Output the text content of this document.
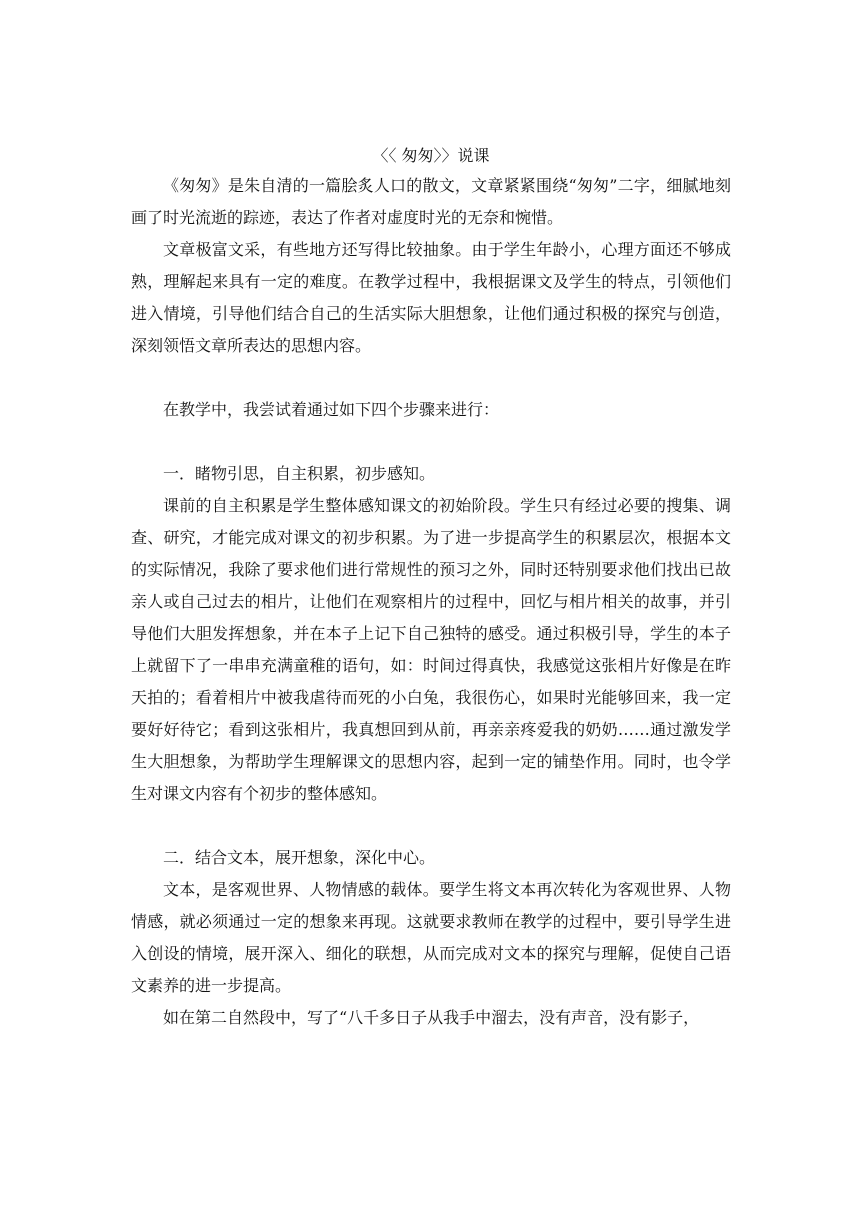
〈〈 匆匆〉〉说课

《匆匆》是朱自清的一篇脍炙人口的散文，文章紧紧围绕“匆匆”二字，细腻地刻画了时光流逝的踪迹，表达了作者对虚度时光的无奈和惋惜。

文章极富文采，有些地方还写得比较抽象。由于学生年龄小，心理方面还不够成熟，理解起来具有一定的难度。在教学过程中，我根据课文及学生的特点，引领他们进入情境，引导他们结合自己的生活实际大胆想象，让他们通过积极的探究与创造，深刻领悟文章所表达的思想内容。

在教学中，我尝试着通过如下四个步骤来进行：

一．睹物引思，自主积累，初步感知。

课前的自主积累是学生整体感知课文的初始阶段。学生只有经过必要的搜集、调查、研究，才能完成对课文的初步积累。为了进一步提高学生的积累层次，根据本文的实际情况，我除了要求他们进行常规性的预习之外，同时还特别要求他们找出已故亲人或自己过去的相片，让他们在观察相片的过程中，回忆与相片相关的故事，并引导他们大胆发挥想象，并在本子上记下自己独特的感受。通过积极引导，学生的本子上就留下了一串串充满童稚的语句，如：时间过得真快，我感觉这张相片好像是在昨天拍的；看着相片中被我虐待而死的小白兔，我很伤心，如果时光能够回来，我一定要好好待它；看到这张相片，我真想回到从前，再亲亲疼爱我的奶奶……通过激发学生大胆想象，为帮助学生理解课文的思想内容，起到一定的铺垫作用。同时，也令学生对课文内容有个初步的整体感知。

二．结合文本，展开想象，深化中心。

文本，是客观世界、人物情感的载体。要学生将文本再次转化为客观世界、人物情感，就必须通过一定的想象来再现。这就要求教师在教学的过程中，要引导学生进入创设的情境，展开深入、细化的联想，从而完成对文本的探究与理解，促使自己语文素养的进一步提高。

如在第二自然段中，写了“八千多日子从我手中溜去，没有声音，没有影子，
